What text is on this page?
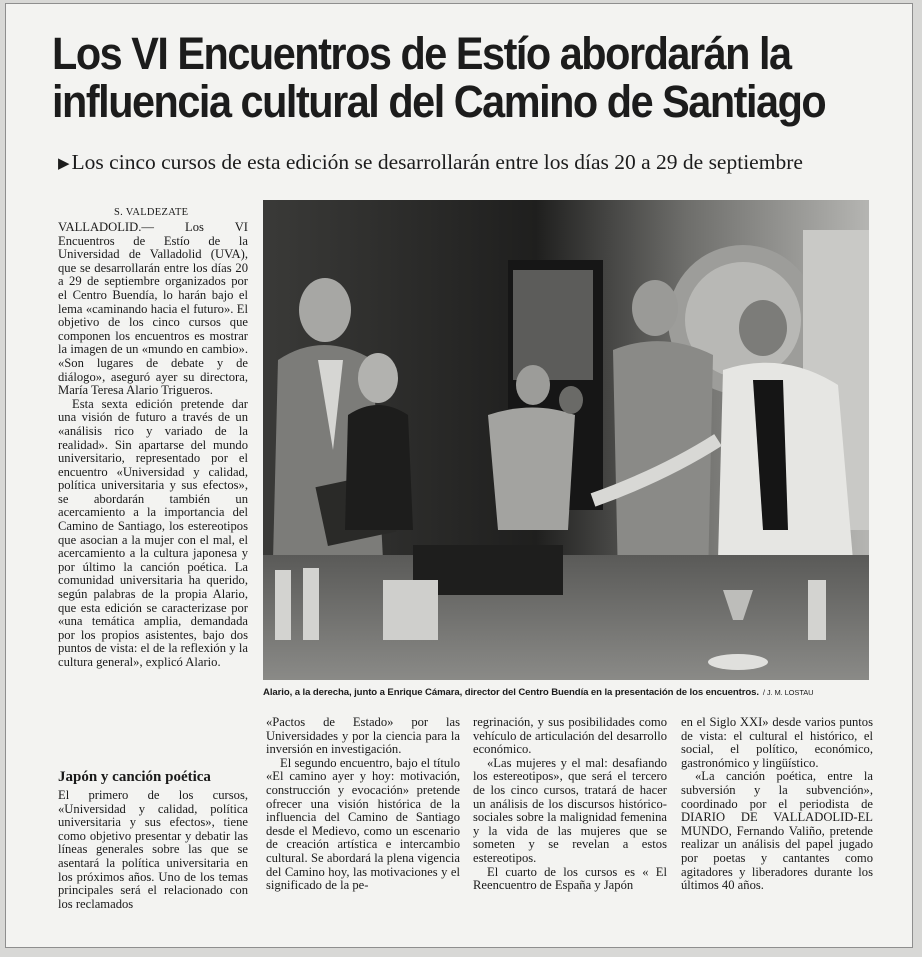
Los VI Encuentros de Estío abordarán la
influencia cultural del Camino de Santiago
▶Los cinco cursos de esta edición se desarrollarán entre los días 20 a 29 de septiembre
S. VALDEZATE

VALLADOLID.— Los VI Encuentros de Estío de la Universidad de Valladolid (UVA), que se desarrollarán entre los días 20 a 29 de septiembre organizados por el Centro Buendía, lo harán bajo el lema «caminando hacia el futuro». El objetivo de los cinco cursos que componen los encuentros es mostrar la imagen de un «mundo en cambio». «Son lugares de debate y de diálogo», aseguró ayer su directora, María Teresa Alario Trigueros.

Esta sexta edición pretende dar una visión de futuro a través de un «análisis rico y variado de la realidad». Sin apartarse del mundo universitario, representado por el encuentro «Universidad y calidad, política universitaria y sus efectos», se abordarán también un acercamiento a la importancia del Camino de Santiago, los estereotipos que asocian a la mujer con el mal, el acercamiento a la cultura japonesa y por último la canción poética. La comunidad universitaria ha querido, según palabras de la propia Alario, que esta edición se caracterizase por «una temática amplia, demandada por los propios asistentes, bajo dos puntos de vista: el de la reflexión y la cultura general», explicó Alario.

Japón y canción poética

El primero de los cursos, «Universidad y calidad, política universitaria y sus efectos», tiene como objetivo presentar y debatir las líneas generales sobre las que se asentará la política universitaria en los próximos años. Uno de los temas principales será el relacionado con los reclamados

Alario, a la derecha, junto a Enrique Cámara, director del Centro Buendía en la presentación de los encuentros. / J. M. LOSTAU

«Pactos de Estado» por las Universidades y por la ciencia para la inversión en investigación.

El segundo encuentro, bajo el título «El camino ayer y hoy: motivación, construcción y evocación» pretende ofrecer una visión histórica de la influencia del Camino de Santiago desde el Medievo, como un escenario de creación artística e intercambio cultural. Se abordará la plena vigencia del Camino hoy, las motivaciones y el significado de la pe-

regrinación, y sus posibilidades como vehículo de articulación del desarrollo económico.

«Las mujeres y el mal: desafiando los estereotipos», que será el tercero de los cinco cursos, tratará de hacer un análisis de los discursos histórico-sociales sobre la malignidad femenina y la vida de las mujeres que se someten y se revelan a estos estereotipos.

El cuarto de los cursos es « El Reencuentro de España y Japón

en el Siglo XXI» desde varios puntos de vista: el cultural el histórico, el social, el político, económico, gastronómico y lingüístico.

«La canción poética, entre la subversión y la subvención», coordinado por el periodista de DIARIO DE VALLADOLID-EL MUNDO, Fernando Valiño, pretende realizar un análisis del papel jugado por poetas y cantantes como agitadores y liberadores durante los últimos 40 años.
